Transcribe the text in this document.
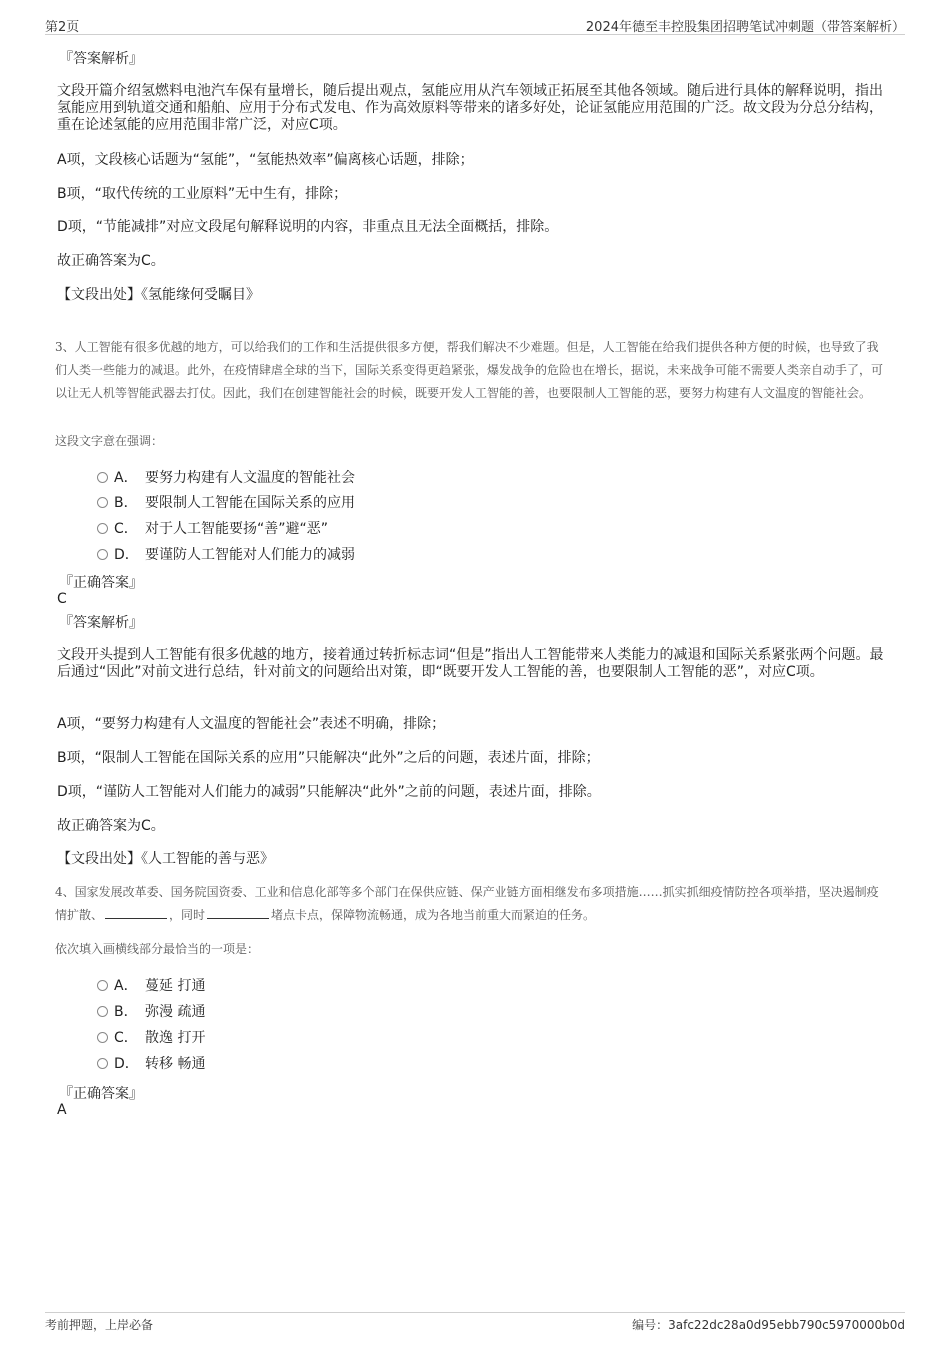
第2页	2024年德至丰控股集团招聘笔试冲刺题（带答案解析）
『答案解析』
文段开篇介绍氢燃料电池汽车保有量增长，随后提出观点，氢能应用从汽车领域正拓展至其他各领域。随后进行具体的解释说明，指出氢能应用到轨道交通和船舶、应用于分布式发电、作为高效原料等带来的诸多好处，论证氢能应用范围的广泛。故文段为分总分结构，重在论述氢能的应用范围非常广泛，对应C项。
A项，文段核心话题为“氢能”，“氢能热效率”偏离核心话题，排除；
B项，“取代传统的工业原料”无中生有，排除；
D项，“节能减排”对应文段尾句解释说明的内容，非重点且无法全面概括，排除。
故正确答案为C。
【文段出处】《氢能缘何受瞩目》
3、人工智能有很多优越的地方，可以给我们的工作和生活提供很多方便，帮我们解决不少难题。但是，人工智能在给我们提供各种方便的时候，也导致了我们人类一些能力的减退。此外，在疫情肆虐全球的当下，国际关系变得更趋紧张，爆发战争的危险也在增长，据说，未来战争可能不需要人类亲自动手了，可以让无人机等智能武器去打仗。因此，我们在创建智能社会的时候，既要开发人工智能的善，也要限制人工智能的恶，要努力构建有人文温度的智能社会。
这段文字意在强调：
A． 要努力构建有人文温度的智能社会
B． 要限制人工智能在国际关系的应用
C． 对于人工智能要扬“善”避“恶”
D． 要谨防人工智能对人们能力的减弱
『正确答案』
C
『答案解析』
文段开头提到人工智能有很多优越的地方，接着通过转折标志词“但是”指出人工智能带来人类能力的减退和国际关系紧张两个问题。最后通过“因此”对前文进行总结，针对前文的问题给出对策，即“既要开发人工智能的善，也要限制人工智能的恶”，对应C项。
A项，“要努力构建有人文温度的智能社会”表述不明确，排除；
B项，“限制人工智能在国际关系的应用”只能解决“此外”之后的问题，表述片面，排除；
D项，“谨防人工智能对人们能力的减弱”只能解决“此外”之前的问题，表述片面，排除。
故正确答案为C。
【文段出处】《人工智能的善与恶》
4、国家发展改革委、国务院国资委、工业和信息化部等多个部门在保供应链、保产业链方面相继发布多项措施……抓实抓细疫情防控各项举措，坚决遏制疫情扩散、	，同时	堵点卡点，保障物流畅通，成为各地当前重大而紧迫的任务。
依次填入画横线部分最恰当的一项是：
A． 蔓延 打通
B． 弥漫 疏通
C． 散逸 打开
D． 转移 畅通
『正确答案』
A
考前押题，上岸必备	编号：3afc22dc28a0d95ebb790c5970000b0d
